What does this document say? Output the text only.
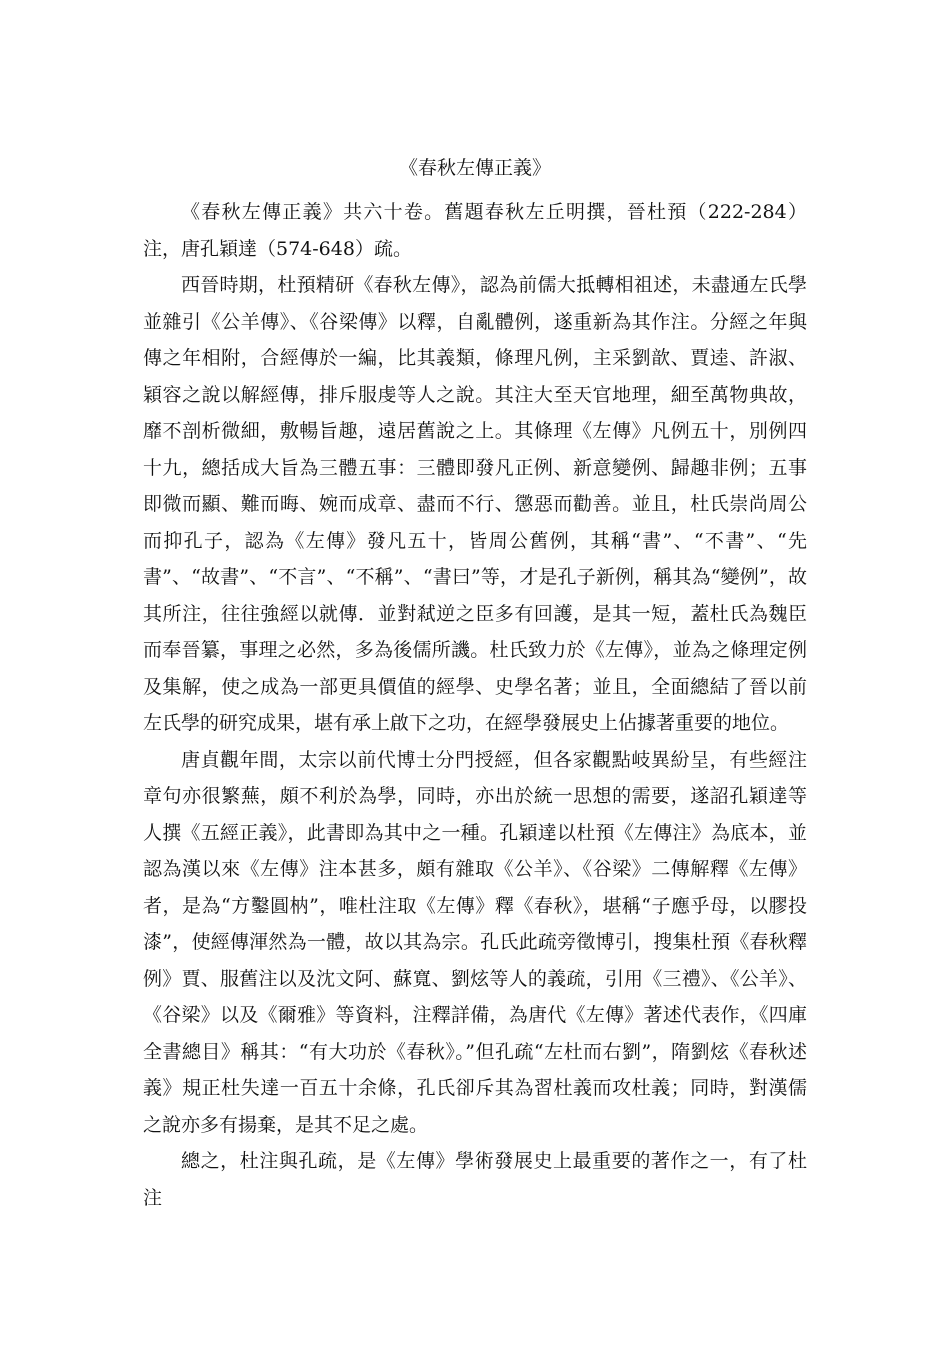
《春秋左傳正義》

《春秋左傳正義》共六十卷。舊題春秋左丘明撰，晉杜預（222-284）注，唐孔穎達（574-648）疏。

西晉時期，杜預精研《春秋左傳》，認為前儒大抵轉相祖述，未盡通左氏學並雜引《公羊傳》、《谷梁傳》以釋，自亂體例，遂重新為其作注。分經之年與傳之年相附，合經傳於一編，比其義類，條理凡例，主采劉歆、賈逵、許淑、穎容之說以解經傳，排斥服虔等人之說。其注大至天官地理，細至萬物典故，靡不剖析微細，敷暢旨趣，遠居舊說之上。其條理《左傳》凡例五十，別例四十九，總括成大旨為三體五事：三體即發凡正例、新意變例、歸趣非例；五事即微而顯、難而晦、婉而成章、盡而不行、懲惡而勸善。並且，杜氏崇尚周公而抑孔子，認為《左傳》發凡五十，皆周公舊例，其稱“書”、“不書”、“先書”、“故書”、“不言”、“不稱”、“書曰”等，才是孔子新例，稱其為“變例”，故其所注，往往強經以就傳．並對弒逆之臣多有回護，是其一短，蓋杜氏為魏臣而奉晉纂，事理之必然，多為後儒所譏。杜氏致力於《左傳》，並為之條理定例及集解，使之成為一部更具價值的經學、史學名著；並且，全面總結了晉以前左氏學的研究成果，堪有承上啟下之功，在經學發展史上佔據著重要的地位。

唐貞觀年間，太宗以前代博士分門授經，但各家觀點岐異紛呈，有些經注章句亦很繁蕪，頗不利於為學，同時，亦出於統一思想的需要，遂詔孔穎達等人撰《五經正義》，此書即為其中之一種。孔穎達以杜預《左傳注》為底本，並認為漢以來《左傳》注本甚多，頗有雜取《公羊》、《谷梁》二傳解釋《左傳》者，是為“方鑿圓枘”，唯杜注取《左傳》釋《春秋》，堪稱“子應乎母，以膠投漆”，使經傳渾然為一體，故以其為宗。孔氏此疏旁徵博引，搜集杜預《春秋釋例》賈、服舊注以及沈文阿、蘇寬、劉炫等人的義疏，引用《三禮》、《公羊》、《谷梁》以及《爾雅》等資料，注釋詳備，為唐代《左傳》著述代表作，《四庫全書總目》稱其：“有大功於《春秋》。”但孔疏“左杜而右劉”，隋劉炫《春秋述義》規正杜失達一百五十余條，孔氏卻斥其為習杜義而攻杜義；同時，對漢儒之說亦多有揚棄，是其不足之處。

總之，杜注與孔疏，是《左傳》學術發展史上最重要的著作之一，有了杜注
